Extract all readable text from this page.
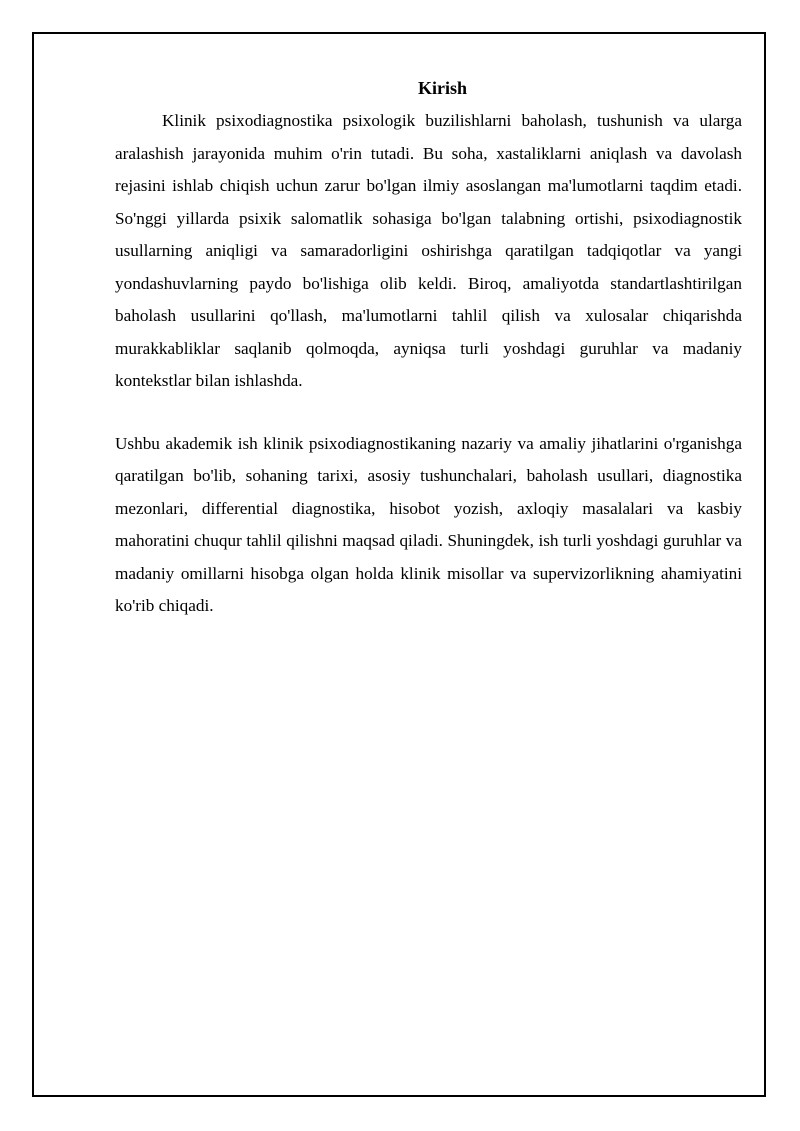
Kirish

Klinik psixodiagnostika psixologik buzilishlarni baholash, tushunish va ularga aralashish jarayonida muhim o'rin tutadi. Bu soha, xastaliklarni aniqlash va davolash rejasini ishlab chiqish uchun zarur bo'lgan ilmiy asoslangan ma'lumotlarni taqdim etadi. So'nggi yillarda psixik salomatlik sohasiga bo'lgan talabning ortishi, psixodiagnostik usullarning aniqligi va samaradorligini oshirishga qaratilgan tadqiqotlar va yangi yondashuvlarning paydo bo'lishiga olib keldi. Biroq, amaliyotda standartlashtirilgan baholash usullarini qo'llash, ma'lumotlarni tahlil qilish va xulosalar chiqarishda murakkabliklar saqlanib qolmoqda, ayniqsa turli yoshdagi guruhlar va madaniy kontekstlar bilan ishlashda.

Ushbu akademik ish klinik psixodiagnostikaning nazariy va amaliy jihatlarini o'rganishga qaratilgan bo'lib, sohaning tarixi, asosiy tushunchalari, baholash usullari, diagnostika mezonlari, differential diagnostika, hisobot yozish, axloqiy masalalari va kasbiy mahoratini chuqur tahlil qilishni maqsad qiladi. Shuningdek, ish turli yoshdagi guruhlar va madaniy omillarni hisobga olgan holda klinik misollar va supervizorlikning ahamiyatini ko'rib chiqadi.
